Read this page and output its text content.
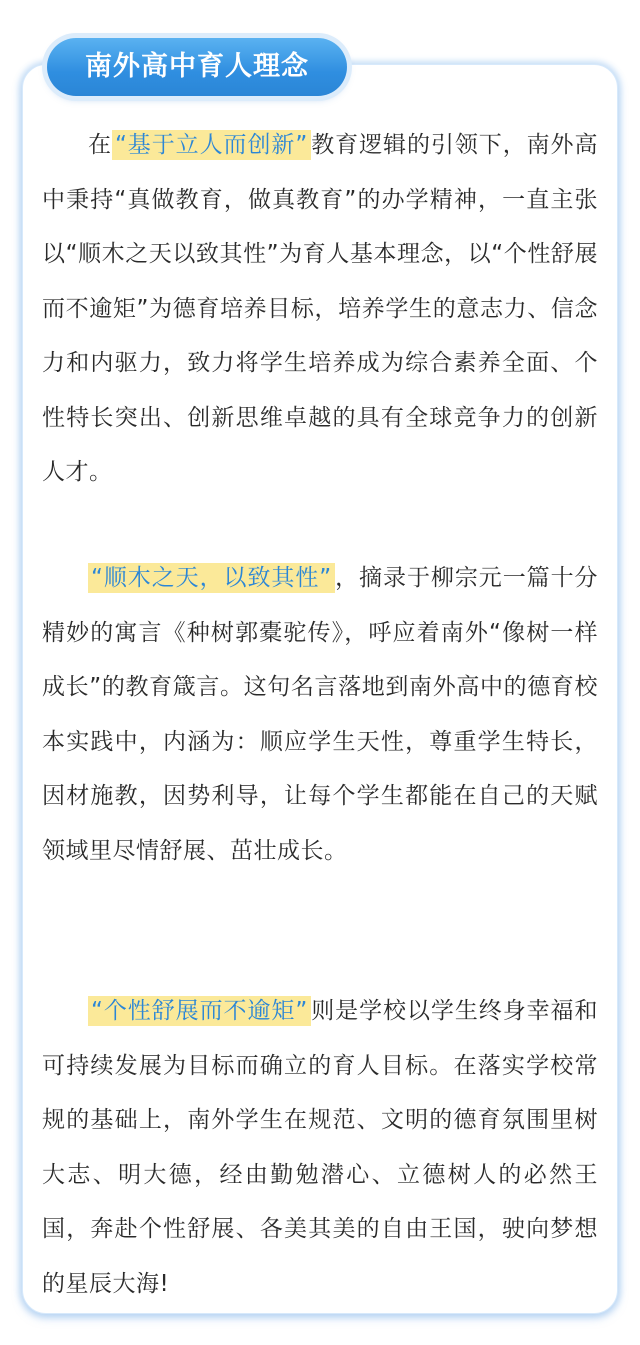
南外高中育人理念

在 “基于立人而创新” 教育逻辑的引领下，南外高中秉持“真做教育，做真教育”的办学精神，一直主张以“顺木之天以致其性”为育人基本理念，以“个性舒展而不逾矩”为德育培养目标，培养学生的意志力、信念力和内驱力，致力将学生培养成为综合素养全面、个性特长突出、创新思维卓越的具有全球竞争力的创新人才。

“顺木之天，以致其性” ，摘录于柳宗元一篇十分精妙的寓言《种树郭橐驼传》，呼应着南外“像树一样成长”的教育箴言。这句名言落地到南外高中的德育校本实践中，内涵为：顺应学生天性，尊重学生特长，因材施教，因势利导，让每个学生都能在自己的天赋领域里尽情舒展、茁壮成长。

“个性舒展而不逾矩” 则是学校以学生终身幸福和可持续发展为目标而确立的育人目标。在落实学校常规的基础上，南外学生在规范、文明的德育氛围里树大志、明大德，经由勤勉潜心、立德树人的必然王国，奔赴个性舒展、各美其美的自由王国，驶向梦想的星辰大海!
